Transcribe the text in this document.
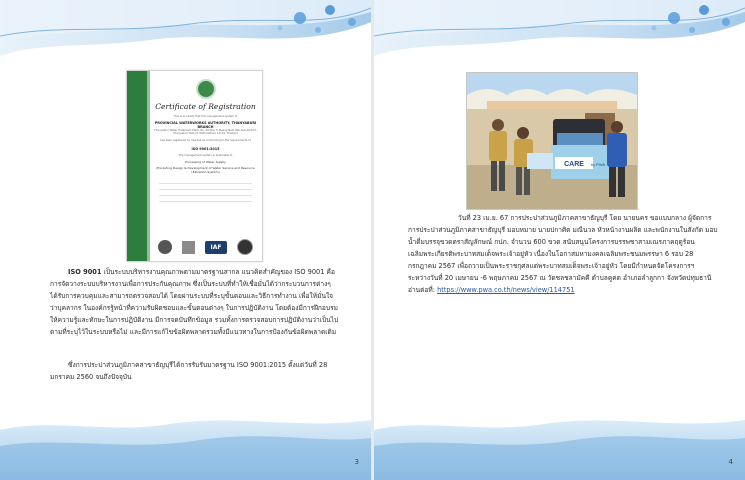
Certificate of Registration
This is to certify that the management system of
PROVINCIAL WATERWORKS AUTHORITY, THANYABURI BRANCH
Thanyaburi Water Treatment Plant, No. 29 Moo 5, Bueng Nam Rak Sub-District,
Thanyaburi District, Pathumthani 12110, Thailand
has been registered by Intertek as conforming to the requirements of
ISO 9001:2015
The management system is applicable to
Processing of Water Supply
(Excluding Design & Development of Water Service and Resource Utilization System)
IAF
ISO 9001 เป็นระบบบริหารงานคุณภาพตามมาตรฐานสากล แนวคิดสำคัญของ ISO 9001 คือ การจัดวางระบบบริหารงานเพื่อการประกันคุณภาพ ซึ่งเป็นระบบที่ทำให้เชื่อมั่นได้ว่ากระบวนการต่างๆ ได้รับการควบคุมและสามารถตรวจสอบได้ โดยผ่านระบบที่ระบุขั้นตอนและวิธีการทำงาน เพื่อให้มั่นใจว่าบุคลากร ในองค์กรรู้หน้าที่ความรับผิดชอบและขั้นตอนต่างๆ ในการปฏิบัติงาน โดยต้องมีการฝึกอบรมให้ความรู้และทักษะในการปฏิบัติงาน มีการจดบันทึกข้อมูล รวมทั้งการตรวจสอบการปฏิบัติงานว่าเป็นไปตามที่ระบุไว้ในระบบหรือไม่ และมีการแก้ไขข้อผิดพลาดรวมทั้งมีแนวทางในการป้องกันข้อผิดพลาดเดิม
ซึ่งการประปาส่วนภูมิภาคสาขาธัญบุรีได้การรับรับมาตรฐาน ISO 9001:2015 ตั้งแต่วันที่ 28 มกราคม 2560 จนถึงปัจจุบัน
3
CARE by PWA
วันที่ 23 เม.ย. 67 การประปาส่วนภูมิภาคสาขาธัญบุรี โดย นายนคร ขอแบบกลาง ผู้จัดการการประปาส่วนภูมิภาคสาขาธัญบุรี มอบหมาย นายปกาศิต มณีนวล หัวหน้างานผลิต และพนักงานในสังกัด มอบน้ำดื่มบรรจุขวดตราสัญลักษณ์ กปภ. จำนวน 600 ขวด สนับสนุนโครงการบรรพชาสามเณรภาคฤดูร้อน เฉลิมพระเกียรติพระบาทสมเด็จพระเจ้าอยู่หัว เนื่องในโอกาสมหามงคลเฉลิมพระชนมพรรษา 6 รอบ 28 กรกฎาคม 2567 เพื่อถวายเป็นพระราชกุศลแด่พระบาทสมเด็จพระเจ้าอยู่หัว โดยมีกำหนดจัดโครงการฯ ระหว่างวันที่ 20 เมษายน -6 พฤษภาคม 2567 ณ วัดชลชลามัคคี ตำบลคูคต อำเภอลำลูกกา จังหวัดปทุมธานี อ่านต่อที่: https://www.pwa.co.th/news/view/114751
4
